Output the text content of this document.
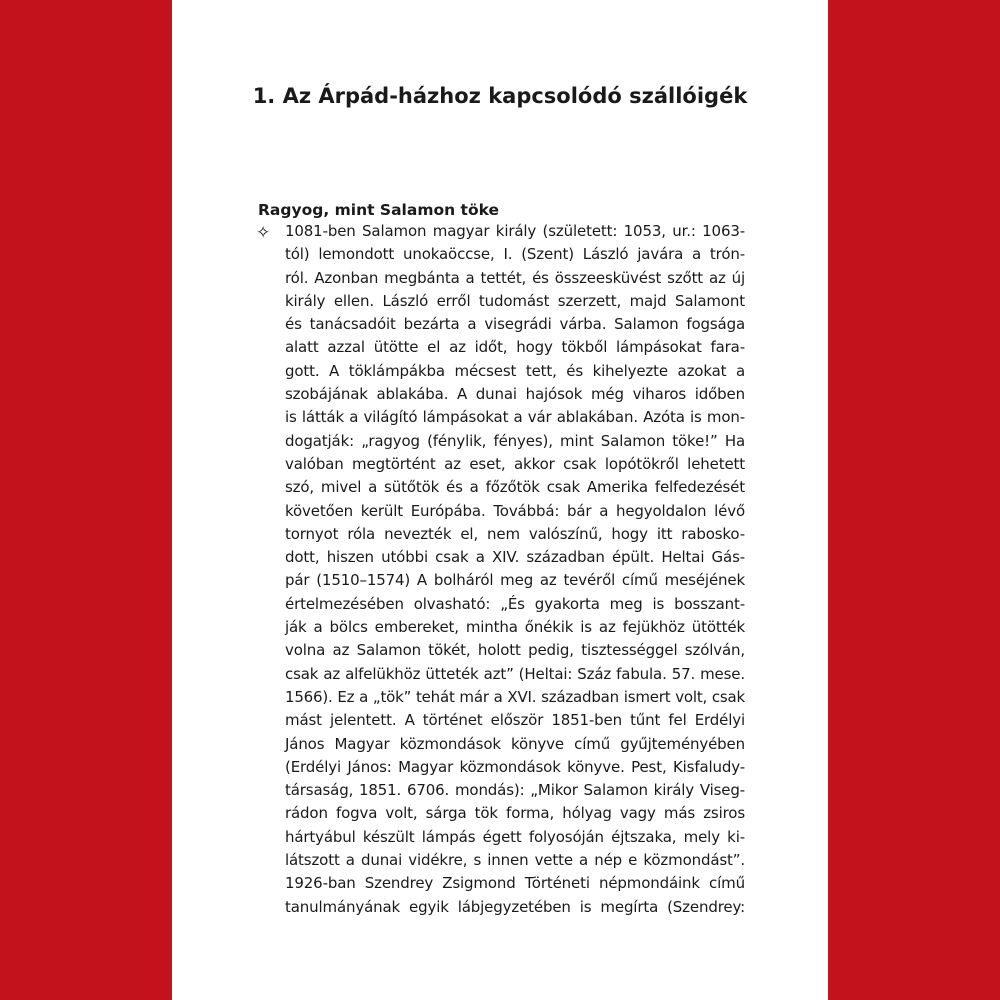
1. Az Árpád-házhoz kapcsolódó szállóigék
Ragyog, mint Salamon töke
✧ 1081-ben Salamon magyar király (született: 1053, ur.: 1063-
tól) lemondott unokaöccse, I. (Szent) László javára a trón-
ról. Azonban megbánta a tettét, és összeesküvést szőtt az új
király ellen. László erről tudomást szerzett, majd Salamont
és tanácsadóit bezárta a visegrádi várba. Salamon fogsága
alatt azzal ütötte el az időt, hogy tökből lámpásokat fara-
gott. A töklámpákba mécsest tett, és kihelyezte azokat a
szobájának ablakába. A dunai hajósok még viharos időben
is látták a világító lámpásokat a vár ablakában. Azóta is mon-
dogatják: „ragyog (fénylik, fényes), mint Salamon töke!” Ha
valóban megtörtént az eset, akkor csak lopótökről lehetett
szó, mivel a sütőtök és a főzőtök csak Amerika felfedezését
követően került Európába. Továbbá: bár a hegyoldalon lévő
tornyot róla nevezték el, nem valószínű, hogy itt rabosko-
dott, hiszen utóbbi csak a XIV. században épült. Heltai Gás-
pár (1510–1574) A bolháról meg az tevéről című meséjének
értelmezésében olvasható: „És gyakorta meg is bosszant-
ják a bölcs embereket, mintha őnékik is az fejükhöz ütötték
volna az Salamon tökét, holott pedig, tisztességgel szólván,
csak az alfelükhöz ütteték azt” (Heltai: Száz fabula. 57. mese.
1566). Ez a „tök” tehát már a XVI. században ismert volt, csak
mást jelentett. A történet először 1851-ben tűnt fel Erdélyi
János Magyar közmondások könyve című gyűjteményében
(Erdélyi János: Magyar közmondások könyve. Pest, Kisfaludy-
társaság, 1851. 6706. mondás): „Mikor Salamon király Viseg-
rádon fogva volt, sárga tök forma, hólyag vagy más zsiros
hártyábul készült lámpás égett folyosóján éjtszaka, mely ki-
látszott a dunai vidékre, s innen vette a nép e közmondást”.
1926-ban Szendrey Zsigmond Történeti népmondáink című
tanulmányának egyik lábjegyzetében is megírta (Szendrey:
